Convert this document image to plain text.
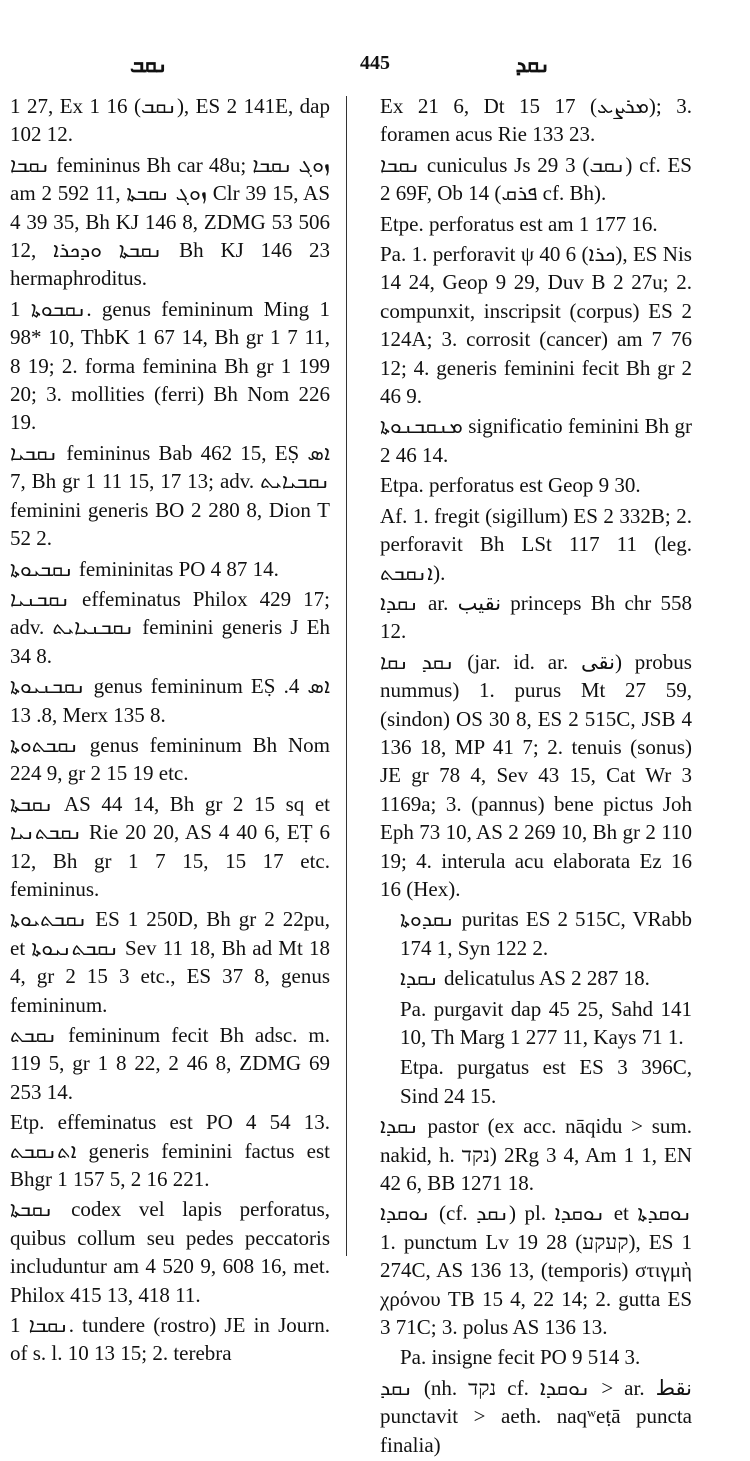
ܢܩܒ	445	ܢܩܕ
1 27, Ex 1 16 (ܢܩܒ), ES 2 141E, dap 102 12.
ܢܩܒܐ femininus Bh car 48u; ܙܘܓ ܢܩܒܐ am 2 592 11, ܙܘܓ ܢܩܒܬܐ Clr 39 15, AS 4 39 35, Bh KJ 146 8, ZDMG 53 506 12, ܢܩܒܬܐ ܘܕܟܪܐ Bh KJ 146 23 hermaphroditus.
ܢܩܒܘܬܐ 1. genus femininum Ming 1 98* 10, ThbK 1 67 14, Bh gr 1 7 11, 8 19; 2. forma feminina Bh gr 1 199 20; 3. mollities (ferri) Bh Nom 226 19.
ܢܩܒܝܐ femininus Bab 462 15, EṢ ܐܣ 7, Bh gr 1 11 15, 17 13; adv. ܢܩܒܝܐܝܬ feminini generis BO 2 280 8, Dion T 52 2.
ܢܩܒܝܘܬܐ femininitas PO 4 87 14.
ܢܩܒܢܝܐ effeminatus Philox 429 17; adv. ܢܩܒܢܝܐܝܬ feminini generis J Eh 34 8.
ܢܩܒܢܝܘܬܐ genus femininum EṢ ܐܣ 4. 8. 13, Merx 135 8.
ܢܩܒܬܘܬܐ genus femininum Bh Nom 224 9, gr 2 15 19 etc.
ܢܩܒܬܐ AS 44 14, Bh gr 2 15 sq et ܢܩܒܬܢܝܐ Rie 20 20, AS 4 40 6, EṬ 6 12, Bh gr 1 7 15, 15 17 etc. femininus.
ܢܩܒܬܝܘܬܐ ES 1 250D, Bh gr 2 22pu, et ܢܩܒܬܢܝܘܬܐ Sev 11 18, Bh ad Mt 18 4, gr 2 15 3 etc., ES 37 8, genus femininum.
ܢܩܒܬ femininum fecit Bh adsc. m. 119 5, gr 1 8 22, 2 46 8, ZDMG 69 253 14.
Etp. effeminatus est PO 4 54 13. ܐܬܢܩܒܬ generis feminini factus est Bhgr 1 157 5, 2 16 221.
ܢܩܒܬܐ codex vel lapis perforatus, quibus collum seu pedes peccatoris includuntur am 4 520 9, 608 16, met. Philox 415 13, 418 11.
ܢܩܒܐ 1. tundere (rostro) JE in Journ. of s. l. 10 13 15; 2. terebra
Ex 21 6, Dt 15 17 (ܡܪܨܥ); 3. foramen acus Rie 133 23.
ܢܩܒܐ cuniculus Js 29 3 (ܢܩܒ) cf. ES 2 69F, Ob 14 (ܦܪܩ cf. Bh).
Etpe. perforatus est am 1 177 16.
Pa. 1. perforavit ψ 40 6 (ܟܪܐ), ES Nis 14 24, Geop 9 29, Duv B 2 27u; 2. compunxit, inscripsit (corpus) ES 2 124A; 3. corrosit (cancer) am 7 76 12; 4. generis feminini fecit Bh gr 2 46 9.
ܡܢܩܒܢܘܬܐ significatio feminini Bh gr 2 46 14.
Etpa. perforatus est Geop 9 30.
Af. 1. fregit (sigillum) ES 2 332B; 2. perforavit Bh LSt 117 11 (leg. ܐܢܩܒܬ).
ܢܩܕܐ ar. نقيب princeps Bh chr 558 12.
ܢܩܕ ܢܩܐ (jar. id. ar. نقى) probus nummus) 1. purus Mt 27 59, (sindon) OS 30 8, ES 2 515C, JSB 4 136 18, MP 41 7; 2. tenuis (sonus) JE gr 78 4, Sev 43 15, Cat Wr 3 1169a; 3. (pannus) bene pictus Joh Eph 73 10, AS 2 269 10, Bh gr 2 110 19; 4. interula acu elaborata Ez 16 16 (Hex).
ܢܩܕܘܬܐ puritas ES 2 515C, VRabb 174 1, Syn 122 2.
ܢܩܕܐ delicatulus AS 2 287 18.
Pa. purgavit dap 45 25, Sahd 141 10, Th Marg 1 277 11, Kays 71 1.
Etpa. purgatus est ES 3 396C, Sind 24 15.
ܢܩܕܐ pastor (ex acc. nāqidu > sum. nakid, h. נקד) 2Rg 3 4, Am 1 1, EN 42 6, BB 1271 18.
ܢܘܩܕܐ (cf. ܢܩܕ) pl. ܢܘܩܕܐ et ܢܘܩܕܬܐ 1. punctum Lv 19 28 (קעקע), ES 1 274C, AS 136 13, (temporis) στιγμὴ χρόνου TB 15 4, 22 14; 2. gutta ES 3 71C; 3. polus AS 136 13.
Pa. insigne fecit PO 9 514 3.
ܢܩܕ (nh. נקד cf. ܢܘܩܕܐ > ar. نقط punctavit > aeth. naqʷeṭā puncta finalia)
